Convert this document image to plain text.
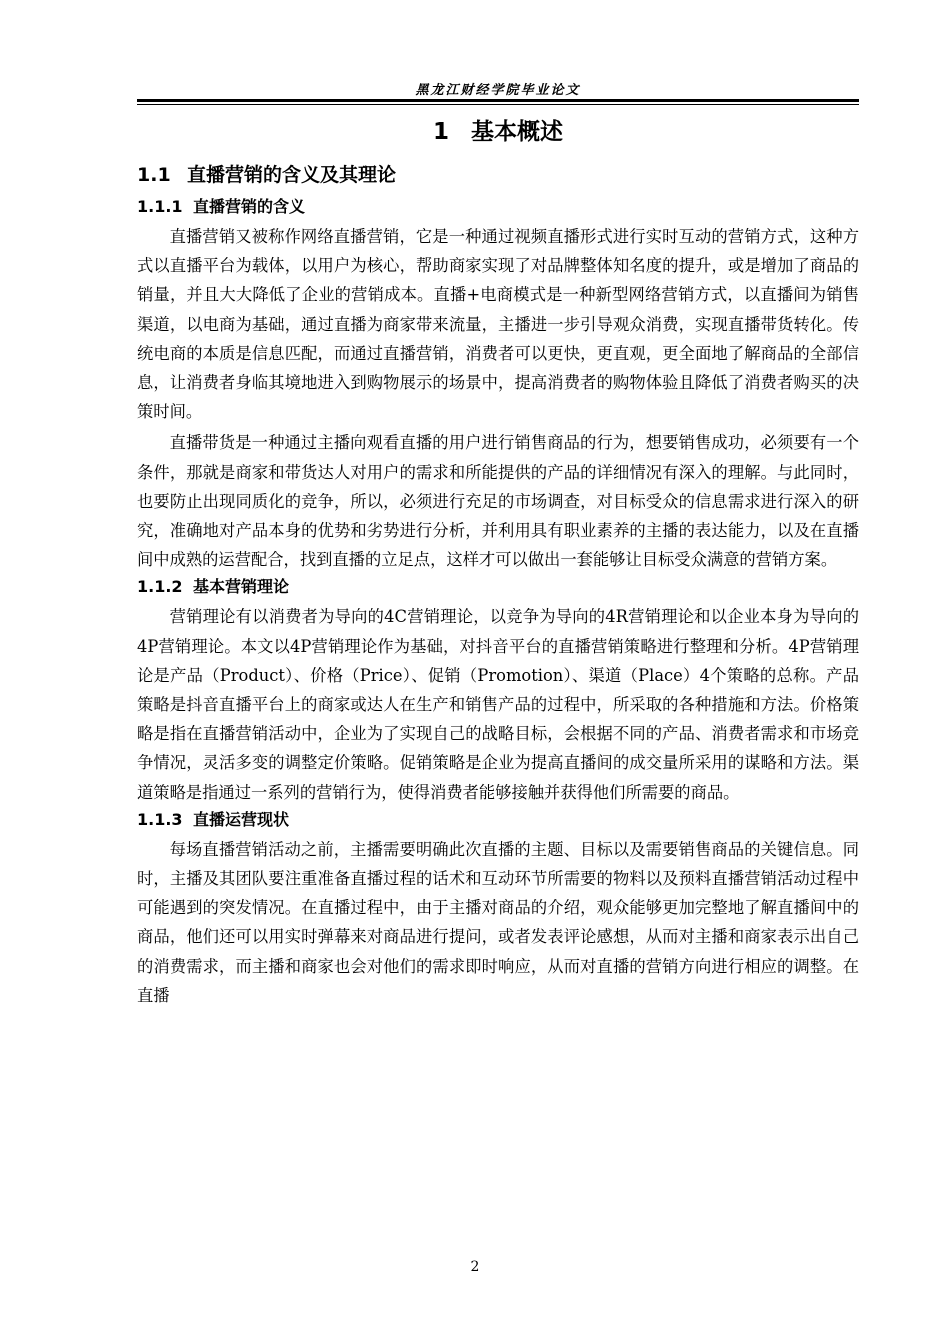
黑龙江财经学院毕业论文
1 基本概述
1.1 直播营销的含义及其理论
1.1.1 直播营销的含义

直播营销又被称作网络直播营销，它是一种通过视频直播形式进行实时互动的营销方式，这种方式以直播平台为载体，以用户为核心，帮助商家实现了对品牌整体知名度的提升，或是增加了商品的销量，并且大大降低了企业的营销成本。直播+电商模式是一种新型网络营销方式，以直播间为销售渠道，以电商为基础，通过直播为商家带来流量，主播进一步引导观众消费，实现直播带货转化。传统电商的本质是信息匹配，而通过直播营销，消费者可以更快，更直观，更全面地了解商品的全部信息，让消费者身临其境地进入到购物展示的场景中，提高消费者的购物体验且降低了消费者购买的决策时间。

直播带货是一种通过主播向观看直播的用户进行销售商品的行为，想要销售成功，必须要有一个条件，那就是商家和带货达人对用户的需求和所能提供的产品的详细情况有深入的理解。与此同时，也要防止出现同质化的竞争，所以，必须进行充足的市场调查，对目标受众的信息需求进行深入的研究，准确地对产品本身的优势和劣势进行分析，并利用具有职业素养的主播的表达能力，以及在直播间中成熟的运营配合，找到直播的立足点，这样才可以做出一套能够让目标受众满意的营销方案。

1.1.2 基本营销理论

营销理论有以消费者为导向的4C营销理论，以竞争为导向的4R营销理论和以企业本身为导向的4P营销理论。本文以4P营销理论作为基础，对抖音平台的直播营销策略进行整理和分析。4P营销理论是产品（Product）、价格（Price）、促销（Promotion）、渠道（Place）4个策略的总称。产品策略是抖音直播平台上的商家或达人在生产和销售产品的过程中，所采取的各种措施和方法。价格策略是指在直播营销活动中，企业为了实现自己的战略目标，会根据不同的产品、消费者需求和市场竞争情况，灵活多变的调整定价策略。促销策略是企业为提高直播间的成交量所采用的谋略和方法。渠道策略是指通过一系列的营销行为，使得消费者能够接触并获得他们所需要的商品。

1.1.3 直播运营现状

每场直播营销活动之前，主播需要明确此次直播的主题、目标以及需要销售商品的关键信息。同时，主播及其团队要注重准备直播过程的话术和互动环节所需要的物料以及预料直播营销活动过程中可能遇到的突发情况。在直播过程中，由于主播对商品的介绍，观众能够更加完整地了解直播间中的商品，他们还可以用实时弹幕来对商品进行提问，或者发表评论感想，从而对主播和商家表示出自己的消费需求，而主播和商家也会对他们的需求即时响应，从而对直播的营销方向进行相应的调整。在直播

2
